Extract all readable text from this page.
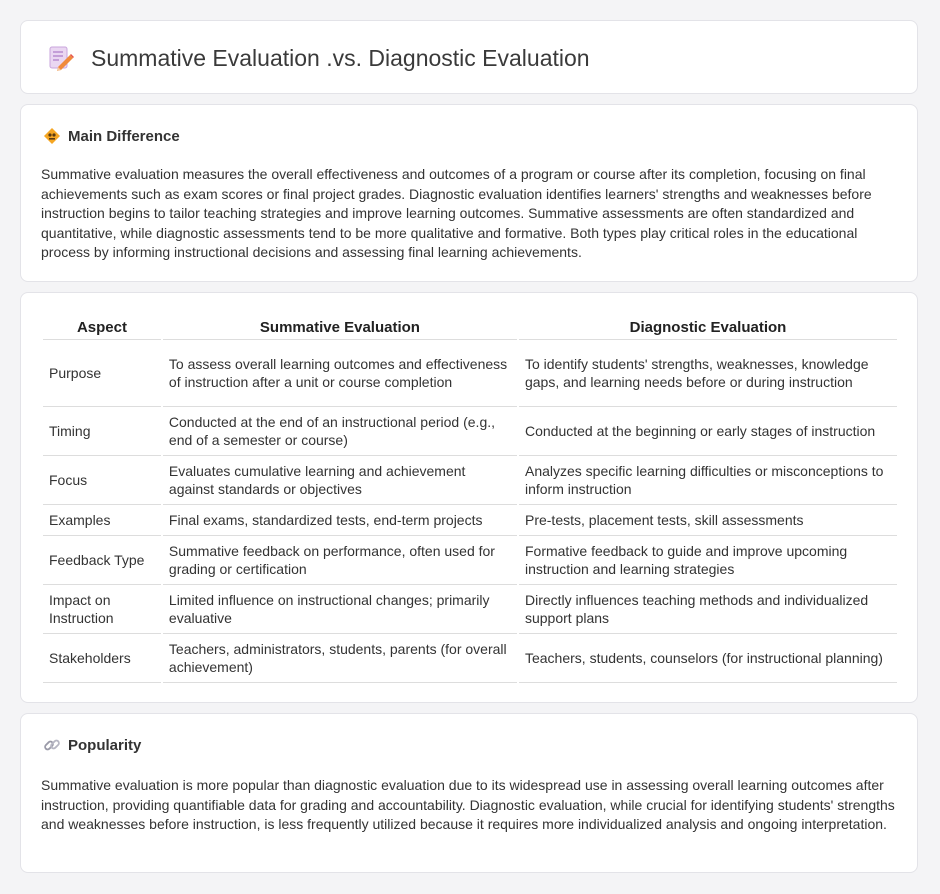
Summative Evaluation .vs. Diagnostic Evaluation
Main Difference

Summative evaluation measures the overall effectiveness and outcomes of a program or course after its completion, focusing on final achievements such as exam scores or final project grades. Diagnostic evaluation identifies learners' strengths and weaknesses before instruction begins to tailor teaching strategies and improve learning outcomes. Summative assessments are often standardized and quantitative, while diagnostic assessments tend to be more qualitative and formative. Both types play critical roles in the educational process by informing instructional decisions and assessing final learning achievements.

Aspect	Summative Evaluation	Diagnostic Evaluation
Purpose	To assess overall learning outcomes and effectiveness of instruction after a unit or course completion	To identify students' strengths, weaknesses, knowledge gaps, and learning needs before or during instruction
Timing	Conducted at the end of an instructional period (e.g., end of a semester or course)	Conducted at the beginning or early stages of instruction
Focus	Evaluates cumulative learning and achievement against standards or objectives	Analyzes specific learning difficulties or misconceptions to inform instruction
Examples	Final exams, standardized tests, end-term projects	Pre-tests, placement tests, skill assessments
Feedback Type	Summative feedback on performance, often used for grading or certification	Formative feedback to guide and improve upcoming instruction and learning strategies
Impact on Instruction	Limited influence on instructional changes; primarily evaluative	Directly influences teaching methods and individualized support plans
Stakeholders	Teachers, administrators, students, parents (for overall achievement)	Teachers, students, counselors (for instructional planning)
Popularity

Summative evaluation is more popular than diagnostic evaluation due to its widespread use in assessing overall learning outcomes after instruction, providing quantifiable data for grading and accountability. Diagnostic evaluation, while crucial for identifying students' strengths and weaknesses before instruction, is less frequently utilized because it requires more individualized analysis and ongoing interpretation.
